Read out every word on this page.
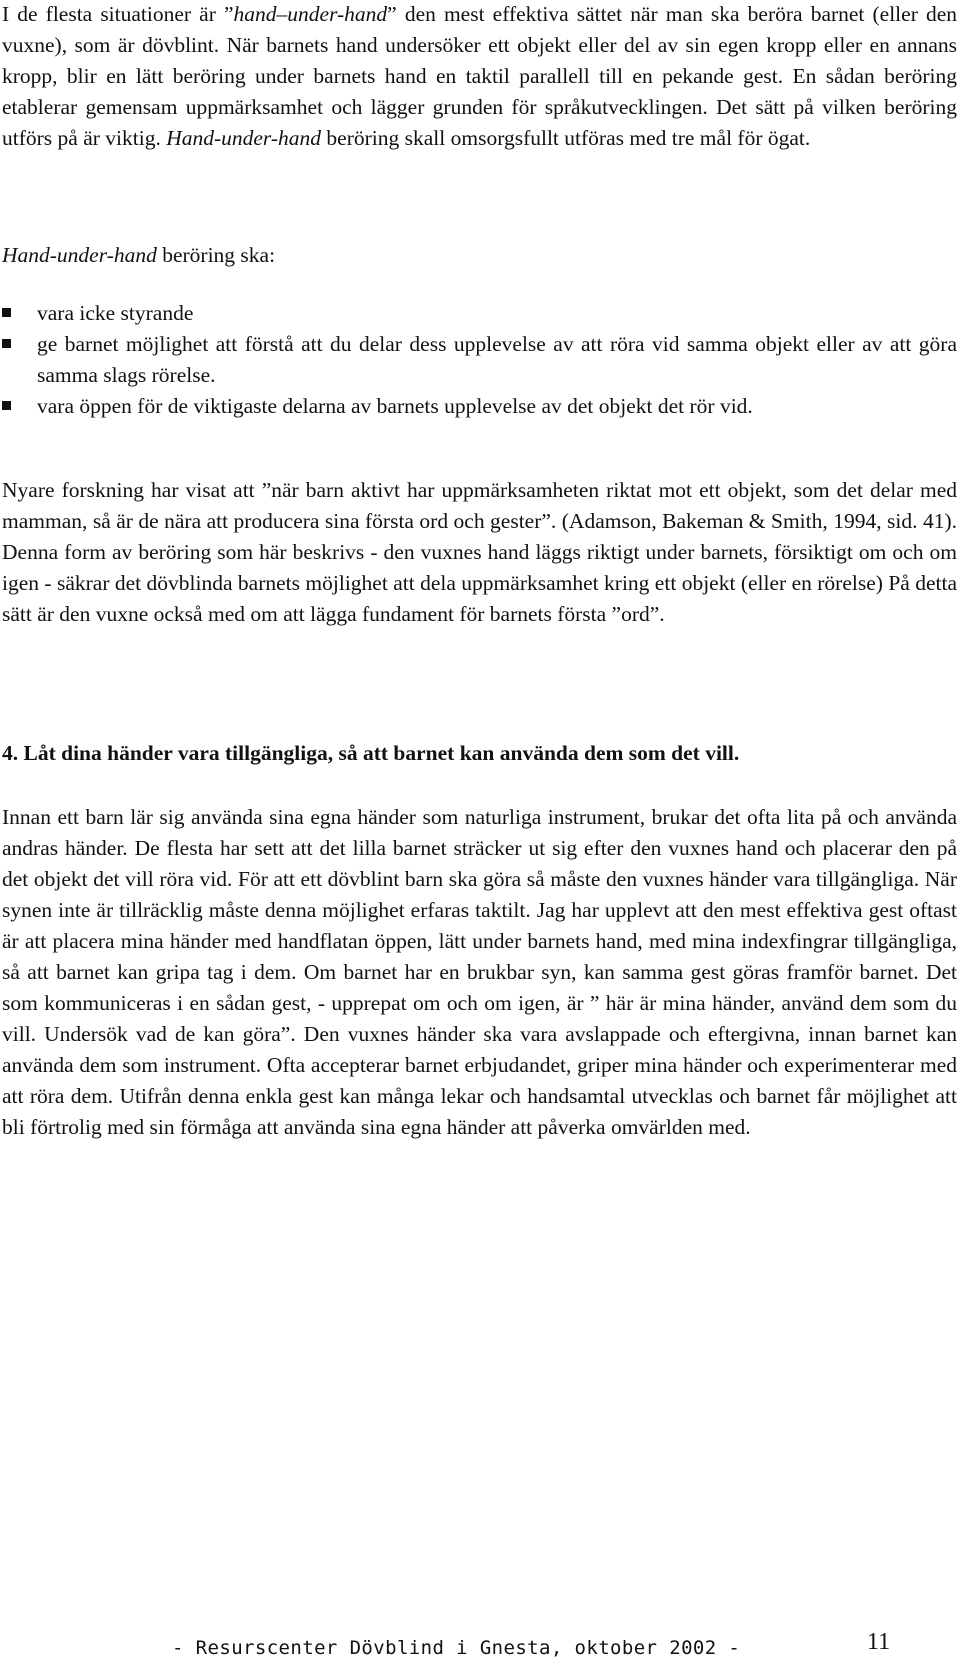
I de flesta situationer är ”hand–under-hand” den mest effektiva sättet när man ska beröra barnet (eller den vuxne), som är dövblint. När barnets hand undersöker ett objekt eller del av sin egen kropp eller en annans kropp, blir en lätt beröring under barnets hand en taktil parallell till en pekande gest. En sådan beröring etablerar gemensam uppmärksamhet och lägger grunden för språkutvecklingen. Det sätt på vilken beröring utförs på är viktig. Hand-under-hand beröring skall omsorgsfullt utföras med tre mål för ögat.

Hand-under-hand beröring ska:

vara icke styrande
ge barnet möjlighet att förstå att du delar dess upplevelse av att röra vid samma objekt eller av att göra samma slags rörelse.
vara öppen för de viktigaste delarna av barnets upplevelse av det objekt det rör vid.

Nyare forskning har visat att ”när barn aktivt har uppmärksamheten riktat mot ett objekt, som det delar med mamman, så är de nära att producera sina första ord och gester”. (Adamson, Bakeman & Smith, 1994, sid. 41). Denna form av beröring som här beskrivs - den vuxnes hand läggs riktigt under barnets, försiktigt om och om igen - säkrar det dövblinda barnets möjlighet att dela uppmärksamhet kring ett objekt (eller en rörelse) På detta sätt är den vuxne också med om att lägga fundament för barnets första ”ord”.

4. Låt dina händer vara tillgängliga, så att barnet kan använda dem som det vill.

Innan ett barn lär sig använda sina egna händer som naturliga instrument, brukar det ofta lita på och använda andras händer. De flesta har sett att det lilla barnet sträcker ut sig efter den vuxnes hand och placerar den på det objekt det vill röra vid. För att ett dövblint barn ska göra så måste den vuxnes händer vara tillgängliga. När synen inte är tillräcklig måste denna möjlighet erfaras taktilt. Jag har upplevt att den mest effektiva gest oftast är att placera mina händer med handflatan öppen, lätt under barnets hand, med mina indexfingrar tillgängliga, så att barnet kan gripa tag i dem. Om barnet har en brukbar syn, kan samma gest göras framför barnet. Det som kommuniceras i en sådan gest, - upprepat om och om igen, är ” här är mina händer, använd dem som du vill. Undersök vad de kan göra”. Den vuxnes händer ska vara avslappade och eftergivna, innan barnet kan använda dem som instrument. Ofta accepterar barnet erbjudandet, griper mina händer och experimenterar med att röra dem. Utifrån denna enkla gest kan många lekar och handsamtal utvecklas och barnet får möjlighet att bli förtrolig med sin förmåga att använda sina egna händer att påverka omvärlden med.

- Resurscenter Dövblind i Gnesta, oktober 2002 -	11
